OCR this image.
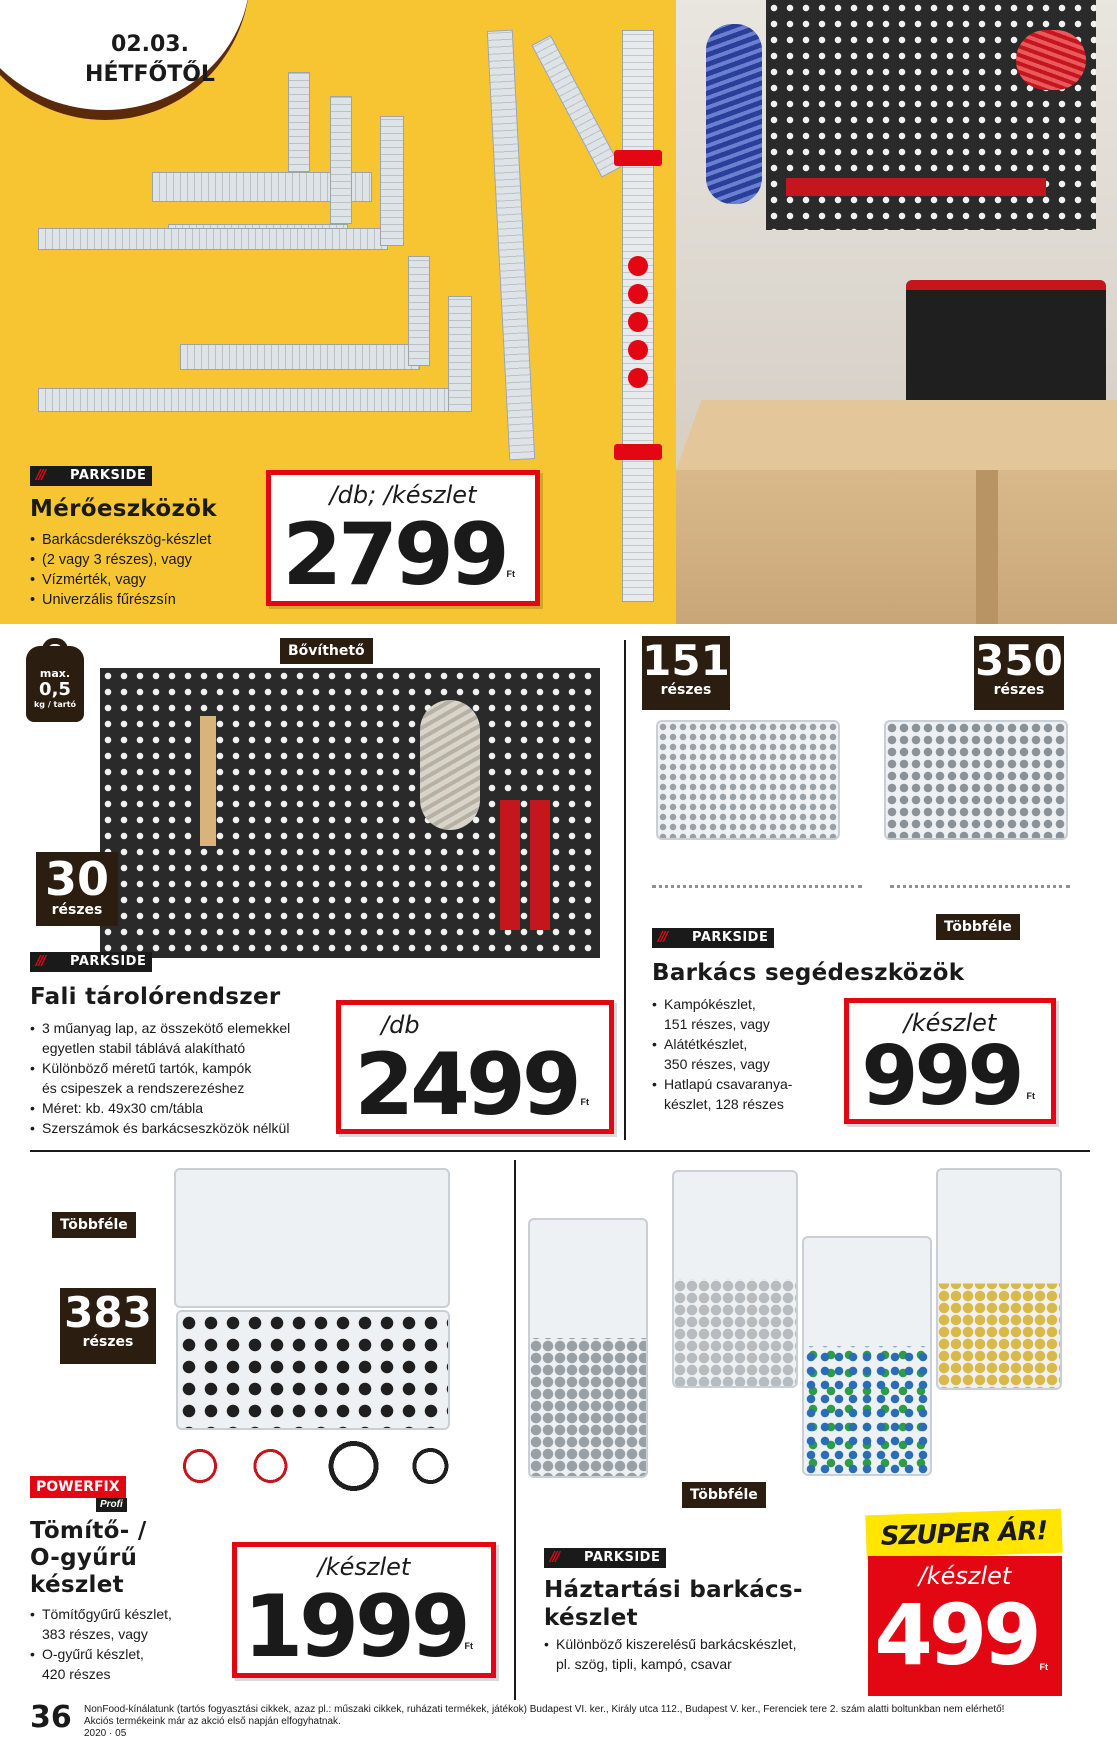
/// PARKSIDE
Mérőeszközök
• Barkácsderékszög-készlet
• (2 vagy 3 részes), vagy
• Vízmérték, vagy
• Univerzális fűrészsín
/db; /készlet
2799 Ft
02.03.
HÉTFŐTŐL
max.
0,5
kg / tartó
Bővíthető
30
részes
/// PARKSIDE
Fali tárolórendszer
• 3 műanyag lap, az összekötő elemekkel
egyetlen stabil táblává alakítható
• Különböző méretű tartók, kampók
és csipeszek a rendszerezéshez
• Méret: kb. 49x30 cm/tábla
• Szerszámok és barkácseszközök nélkül
/db
2499 Ft
151
részes
350
részes
Többféle
/// PARKSIDE
Barkács segédeszközök
• Kampókészlet,
151 részes, vagy
• Alátétkészlet,
350 részes, vagy
• Hatlapú csavaranya-
készlet, 128 részes
/készlet
999 Ft
Többféle
383
részes
POWERFIX
Profi
Tömítő- /
O-gyűrű
készlet
• Tömítőgyűrű készlet,
383 részes, vagy
• O-gyűrű készlet,
420 részes
/készlet
1999
Ft
Többféle
SZUPER ÁR!
/készlet
499 Ft
/// PARKSIDE
Háztartási barkács-
készlet
• Különböző kiszerelésű barkácskészlet,
pl. szög, tipli, kampó, csavar
36 NonFood-kínálatunk (tartós fogyasztási cikkek, azaz pl.: műszaki cikkek, ruházati termékek, játékok) Budapest VI. ker., Király utca 112., Budapest V. ker., Ferenciek tere 2. szám alatti boltunkban nem elérhető!
Akciós termékeink már az akció első napján elfogyhatnak.
2020 · 05
